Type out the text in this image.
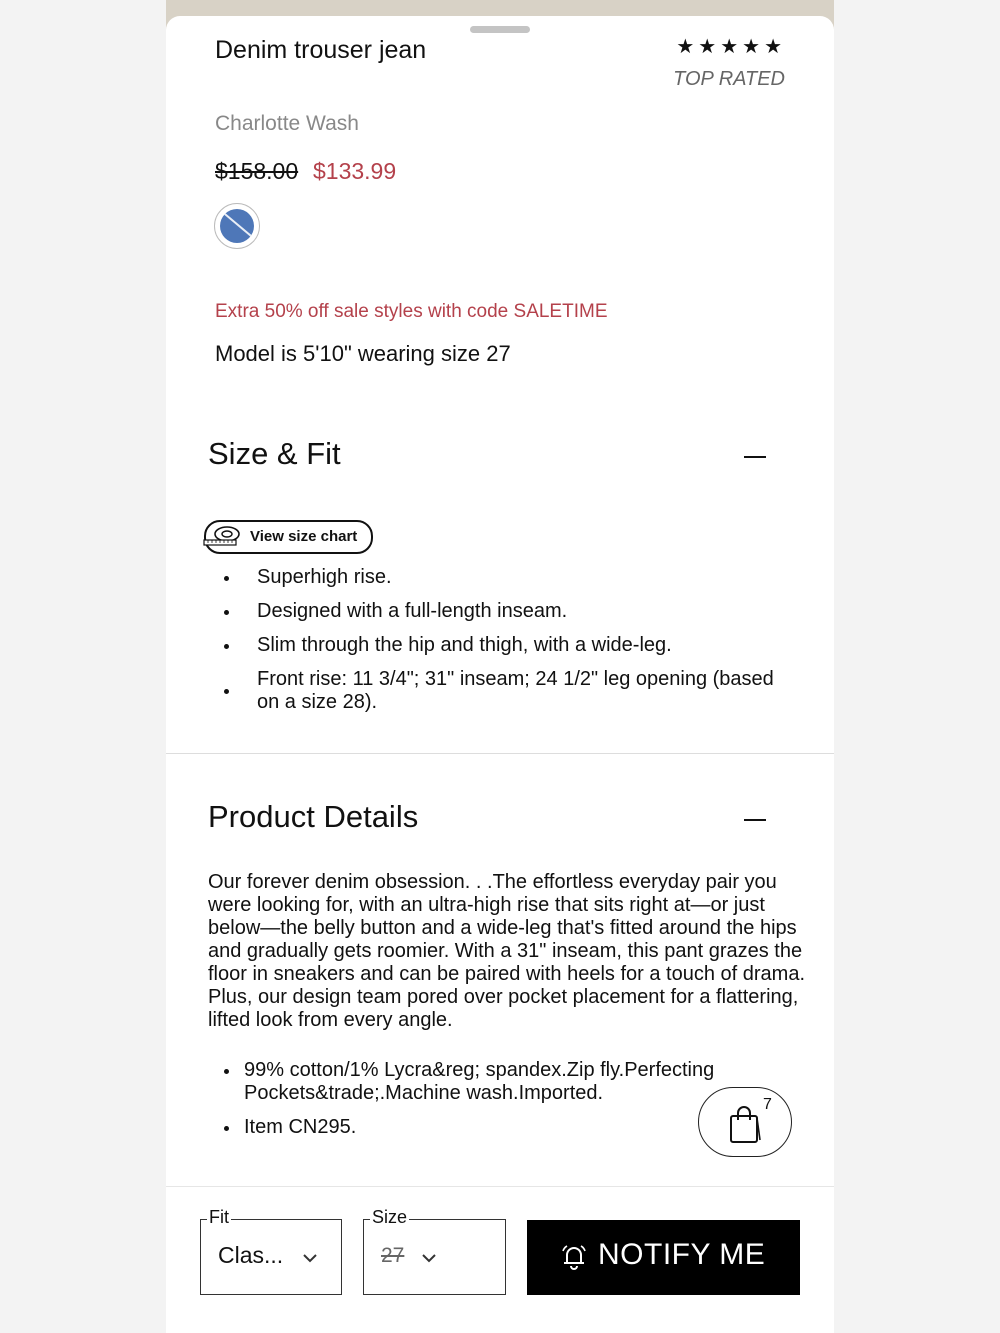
Denim trouser jean	★★★★★
TOP RATED
Charlotte Wash
$158.00 $133.99
Extra 50% off sale styles with code SALETIME
Model is 5'10" wearing size 27
Size & Fit
View size chart
Superhigh rise.
Designed with a full-length inseam.
Slim through the hip and thigh, with a wide-leg.
Front rise: 11 3/4"; 31" inseam; 24 1/2" leg opening (based on a size 28).
Product Details
Our forever denim obsession. . .The effortless everyday pair you were looking for, with an ultra-high rise that sits right at—or just below—the belly button and a wide-leg that's fitted around the hips and gradually gets roomier. With a 31" inseam, this pant grazes the floor in sneakers and can be paired with heels for a touch of drama. Plus, our design team pored over pocket placement for a flattering, lifted look from every angle.
99% cotton/1% Lycra&reg; spandex.Zip fly.Perfecting Pockets&trade;.Machine wash.Imported.
Item CN295.
7
Fit
Clas...
Size
27	NOTIFY ME
